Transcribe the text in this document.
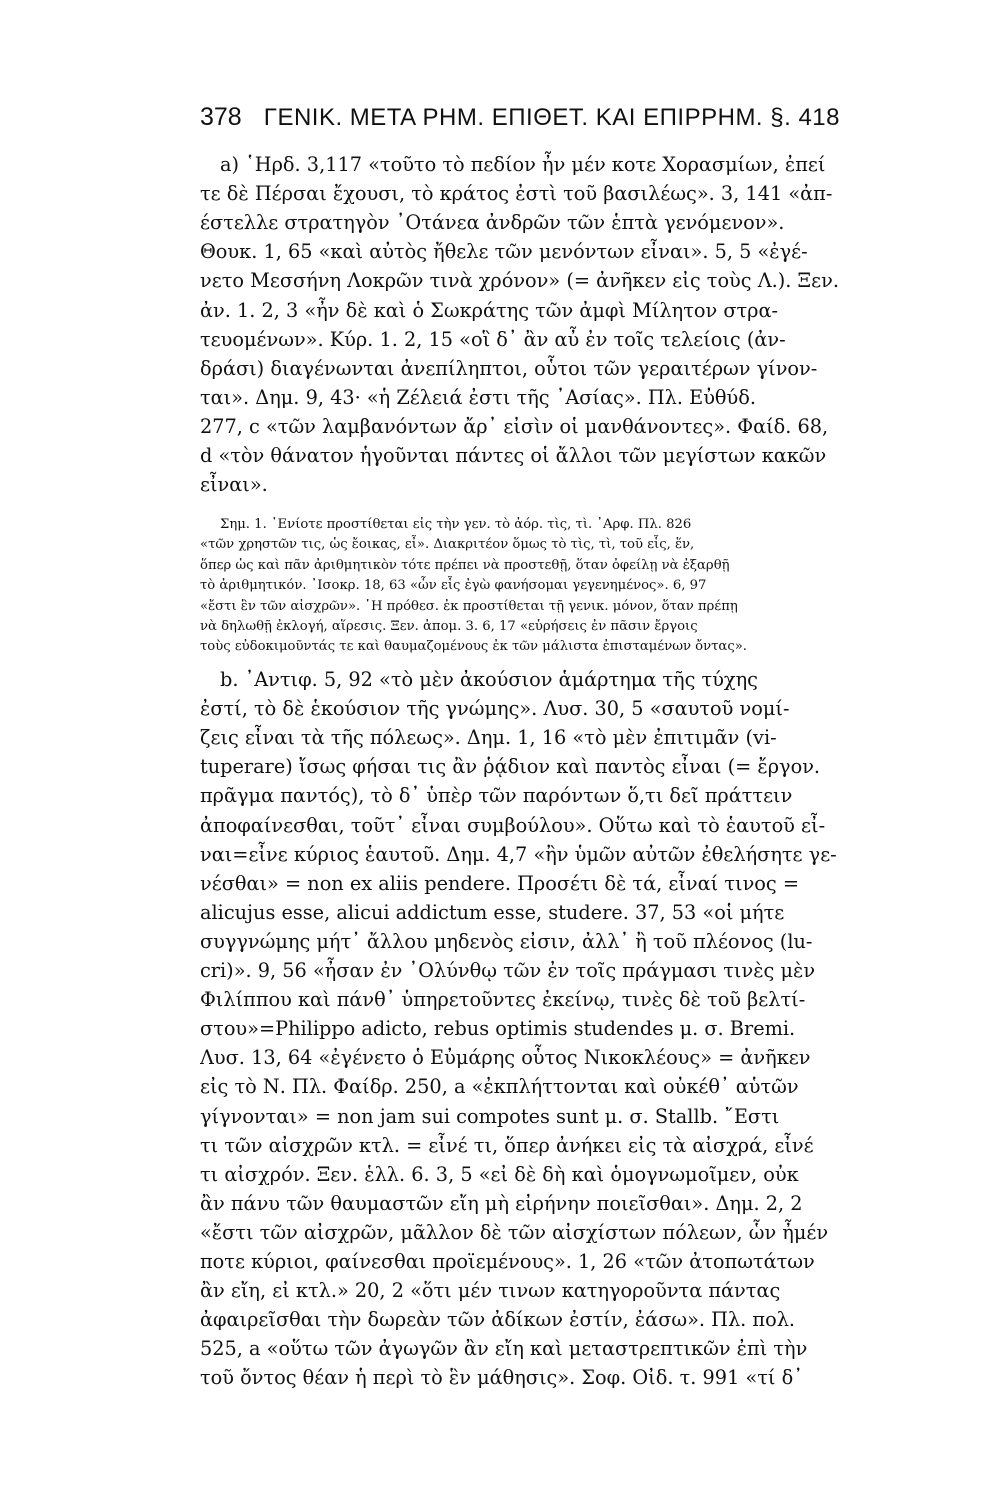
378 ΓΕΝΙΚ. ΜΕΤΑ ΡΗΜ. ΕΠΙΘΕΤ. ΚΑΙ ΕΠΙΡΡΗΜ. §. 418
a) ῾Ηρδ. 3,117 «τοῦτο τὸ πεδίον ἦν μέν κοτε Χορασμίων, ἐπεί
τε δὲ Πέρσαι ἔχουσι, τὸ κράτος ἐστὶ τοῦ βασιλέως». 3, 141 «ἀπ-
έστελλε στρατηγὸν ᾿Οτάνεα ἀνδρῶν τῶν ἑπτὰ γενόμενον».
Θουκ. 1, 65 «καὶ αὐτὸς ἤθελε τῶν μενόντων εἶναι». 5, 5 «ἐγέ-
νετο Μεσσήνη Λοκρῶν τινὰ χρόνον» (= ἀνῆκεν εἰς τοὺς Λ.). Ξεν.
ἀν. 1. 2, 3 «ἦν δὲ καὶ ὁ Σωκράτης τῶν ἀμφὶ Μίλητον στρα-
τευομένων». Κύρ. 1. 2, 15 «οἳ δ᾿ ἂν αὖ ἐν τοῖς τελείοις (ἀν-
δράσι) διαγένωνται ἀνεπίληπτοι, οὗτοι τῶν γεραιτέρων γίνον-
ται». Δημ. 9, 43· «ἡ Ζέλειά ἐστι τῆς ᾿Ασίας». Πλ. Εὐθύδ.
277, c «τῶν λαμβανόντων ἄρ᾿ εἰσὶν οἱ μανθάνοντες». Φαίδ. 68,
d «τὸν θάνατον ἡγοῦνται πάντες οἱ ἄλλοι τῶν μεγίστων κακῶν
εἶναι».
Σημ. 1. ᾿Ενίοτε προστίθεται εἰς τὴν γεν. τὸ ἀόρ. τὶς, τὶ. ᾿Αρφ. Πλ. 826
«τῶν χρηστῶν τις, ὡς ἔοικας, εἶ». Διακριτέον ὅμως τὸ τὶς, τὶ, τοῦ εἷς, ἕν,
ὅπερ ὡς καὶ πᾶν ἀριθμητικὸν τότε πρέπει νὰ προστεθῇ, ὅταν ὀφείλῃ νὰ ἐξαρθῇ
τὸ ἀριθμητικόν. ᾿Ισοκρ. 18, 63 «ὧν εἷς ἐγὼ φανήσομαι γεγενημένος». 6, 97
«ἔστι ἓν τῶν αἰσχρῶν». ῾Η πρόθεσ. ἐκ προστίθεται τῇ γενικ. μόνον, ὅταν πρέπῃ
νὰ δηλωθῇ ἐκλογή, αἵρεσις. Ξεν. ἀπομ. 3. 6, 17 «εὑρήσεις ἐν πᾶσιν ἔργοις
τοὺς εὐδοκιμοῦντάς τε καὶ θαυμαζομένους ἐκ τῶν μάλιστα ἐπισταμένων ὄντας».
b. ᾿Αντιφ. 5, 92 «τὸ μὲν ἀκούσιον ἁμάρτημα τῆς τύχης
ἐστί, τὸ δὲ ἑκούσιον τῆς γνώμης». Λυσ. 30, 5 «σαυτοῦ νομί-
ζεις εἶναι τὰ τῆς πόλεως». Δημ. 1, 16 «τὸ μὲν ἐπιτιμᾶν (vi-
tuperare) ἴσως φήσαι τις ἂν ῥᾴδιον καὶ παντὸς εἶναι (= ἔργον.
πρᾶγμα παντός), τὸ δ᾿ ὑπὲρ τῶν παρόντων ὅ,τι δεῖ πράττειν
ἀποφαίνεσθαι, τοῦτ᾿ εἶναι συμβούλου». Οὕτω καὶ τὸ ἑαυτοῦ εἶ-
ναι=εἶνε κύριος ἑαυτοῦ. Δημ. 4,7 «ἢν ὑμῶν αὐτῶν ἐθελήσητε γε-
νέσθαι» = non ex aliis pendere. Προσέτι δὲ τά, εἶναί τινος =
alicujus esse, alicui addictum esse, studere. 37, 53 «οἱ μήτε
συγγνώμης μήτ᾿ ἄλλου μηδενὸς εἰσιν, ἀλλ᾿ ἢ τοῦ πλέονος (lu-
cri)». 9, 56 «ἦσαν ἐν ᾿Ολύνθῳ τῶν ἐν τοῖς πράγμασι τινὲς μὲν
Φιλίππου καὶ πάνθ᾿ ὑπηρετοῦντες ἐκείνῳ, τινὲς δὲ τοῦ βελτί-
στου»=Philippo adicto, rebus optimis studendes μ. σ. Bremi.
Λυσ. 13, 64 «ἐγένετο ὁ Εὐμάρης οὗτος Νικοκλέους» = ἀνῆκεν
εἰς τὸ Ν. Πλ. Φαίδρ. 250, a «ἐκπλήττονται καὶ οὐκέθ᾿ αὑτῶν
γίγνονται» = non jam sui compotes sunt μ. σ. Stallb. ῎Εστι
τι τῶν αἰσχρῶν κτλ. = εἶνέ τι, ὅπερ ἀνήκει εἰς τὰ αἰσχρά, εἶνέ
τι αἰσχρόν. Ξεν. ἑλλ. 6. 3, 5 «εἰ δὲ δὴ καὶ ὁμογνωμοῖμεν, οὐκ
ἂν πάνυ τῶν θαυμαστῶν εἴη μὴ εἰρήνην ποιεῖσθαι». Δημ. 2, 2
«ἔστι τῶν αἰσχρῶν, μᾶλλον δὲ τῶν αἰσχίστων πόλεων, ὧν ἦμέν
ποτε κύριοι, φαίνεσθαι προϊεμένους». 1, 26 «τῶν ἀτοπωτάτων
ἂν εἴη, εἰ κτλ.» 20, 2 «ὅτι μέν τινων κατηγοροῦντα πάντας
ἀφαιρεῖσθαι τὴν δωρεὰν τῶν ἀδίκων ἐστίν, ἐάσω». Πλ. πολ.
525, a «οὕτω τῶν ἀγωγῶν ἂν εἴη καὶ μεταστρεπτικῶν ἐπὶ τὴν
τοῦ ὄντος θέαν ἡ περὶ τὸ ἓν μάθησις». Σοφ. Οἰδ. τ. 991 «τί δ᾿
